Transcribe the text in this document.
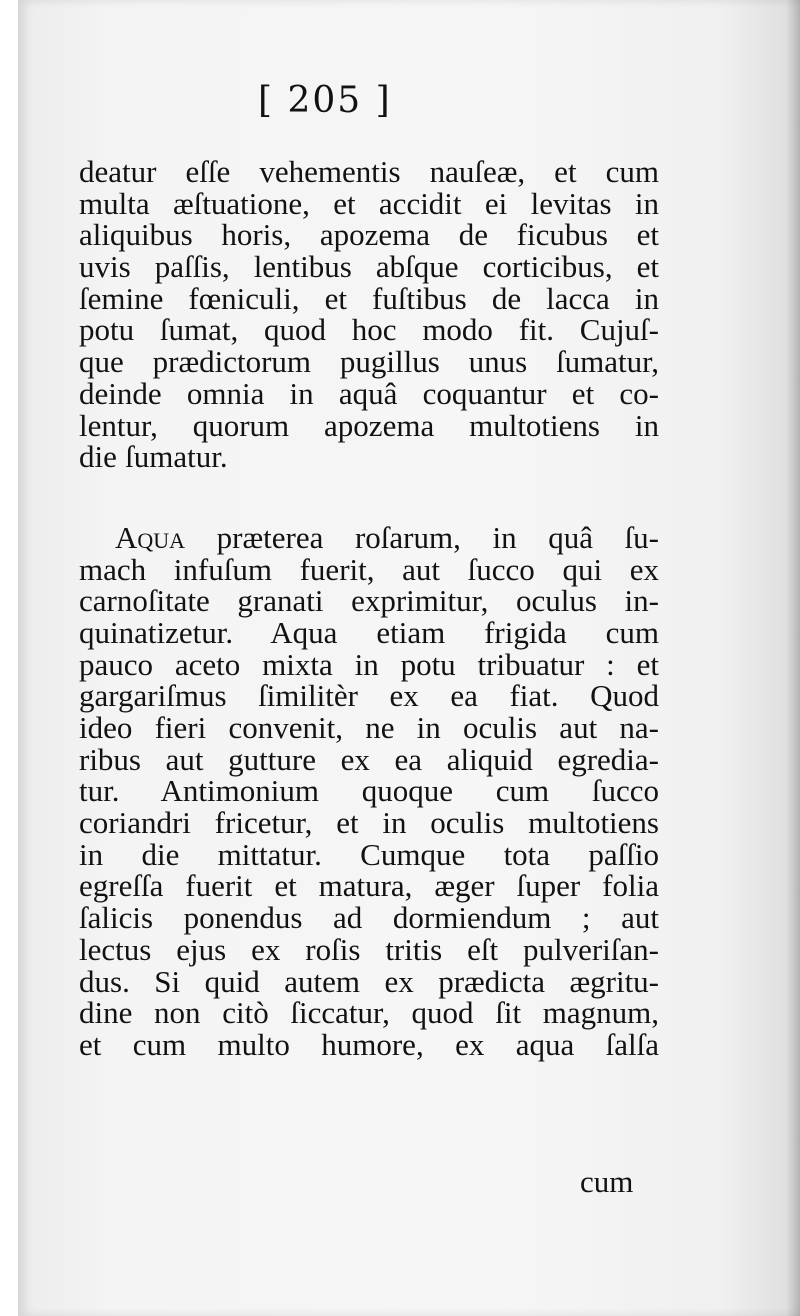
[ 205 ]
deatur eſſe vehementis nauſeæ, et cum
multa æſtuatione, et accidit ei levitas in
aliquibus horis, apozema de ficubus et
uvis paſſis, lentibus abſque corticibus, et
ſemine fœniculi, et fuſtibus de lacca in
potu ſumat, quod hoc modo fit. Cujuſ-
que prædictorum pugillus unus ſumatur,
deinde omnia in aquâ coquantur et co-
lentur, quorum apozema multotiens in
die ſumatur.
Aqua præterea roſarum, in quâ ſu-
mach infuſum fuerit, aut ſucco qui ex
carnoſitate granati exprimitur, oculus in-
quinatizetur. Aqua etiam frigida cum
pauco aceto mixta in potu tribuatur : et
gargariſmus ſimilitèr ex ea fiat. Quod
ideo fieri convenit, ne in oculis aut na-
ribus aut gutture ex ea aliquid egredia-
tur. Antimonium quoque cum ſucco
coriandri fricetur, et in oculis multotiens
in die mittatur. Cumque tota paſſio
egreſſa fuerit et matura, æger ſuper folia
ſalicis ponendus ad dormiendum ; aut
lectus ejus ex roſis tritis eſt pulveriſan-
dus. Si quid autem ex prædicta ægritu-
dine non citò ſiccatur, quod ſit magnum,
et cum multo humore, ex aqua ſalſa
cum
